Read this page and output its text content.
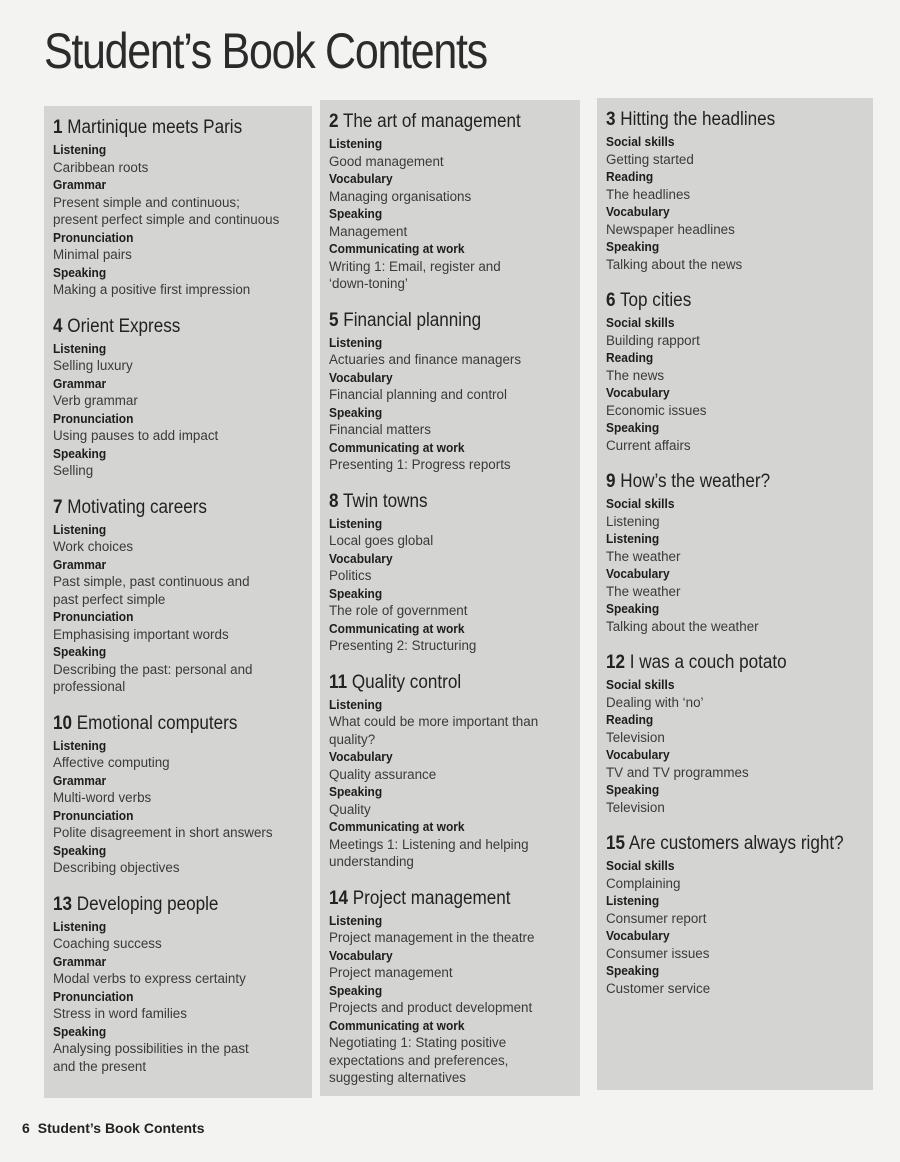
Student’s Book Contents
1 Martinique meets Paris
Listening
Caribbean roots
Grammar
Present simple and continuous;
present perfect simple and continuous
Pronunciation
Minimal pairs
Speaking
Making a positive first impression
4 Orient Express
Listening
Selling luxury
Grammar
Verb grammar
Pronunciation
Using pauses to add impact
Speaking
Selling
7 Motivating careers
Listening
Work choices
Grammar
Past simple, past continuous and
past perfect simple
Pronunciation
Emphasising important words
Speaking
Describing the past: personal and
professional
10 Emotional computers
Listening
Affective computing
Grammar
Multi-word verbs
Pronunciation
Polite disagreement in short answers
Speaking
Describing objectives
13 Developing people
Listening
Coaching success
Grammar
Modal verbs to express certainty
Pronunciation
Stress in word families
Speaking
Analysing possibilities in the past
and the present
2 The art of management
Listening
Good management
Vocabulary
Managing organisations
Speaking
Management
Communicating at work
Writing 1: Email, register and
‘down-toning’
5 Financial planning
Listening
Actuaries and finance managers
Vocabulary
Financial planning and control
Speaking
Financial matters
Communicating at work
Presenting 1: Progress reports
8 Twin towns
Listening
Local goes global
Vocabulary
Politics
Speaking
The role of government
Communicating at work
Presenting 2: Structuring
11 Quality control
Listening
What could be more important than
quality?
Vocabulary
Quality assurance
Speaking
Quality
Communicating at work
Meetings 1: Listening and helping
understanding
14 Project management
Listening
Project management in the theatre
Vocabulary
Project management
Speaking
Projects and product development
Communicating at work
Negotiating 1: Stating positive
expectations and preferences,
suggesting alternatives
3 Hitting the headlines
Social skills
Getting started
Reading
The headlines
Vocabulary
Newspaper headlines
Speaking
Talking about the news
6 Top cities
Social skills
Building rapport
Reading
The news
Vocabulary
Economic issues
Speaking
Current affairs
9 How’s the weather?
Social skills
Listening
Listening
The weather
Vocabulary
The weather
Speaking
Talking about the weather
12 I was a couch potato
Social skills
Dealing with ‘no’
Reading
Television
Vocabulary
TV and TV programmes
Speaking
Television
15 Are customers always right?
Social skills
Complaining
Listening
Consumer report
Vocabulary
Consumer issues
Speaking
Customer service
6 Student’s Book Contents
